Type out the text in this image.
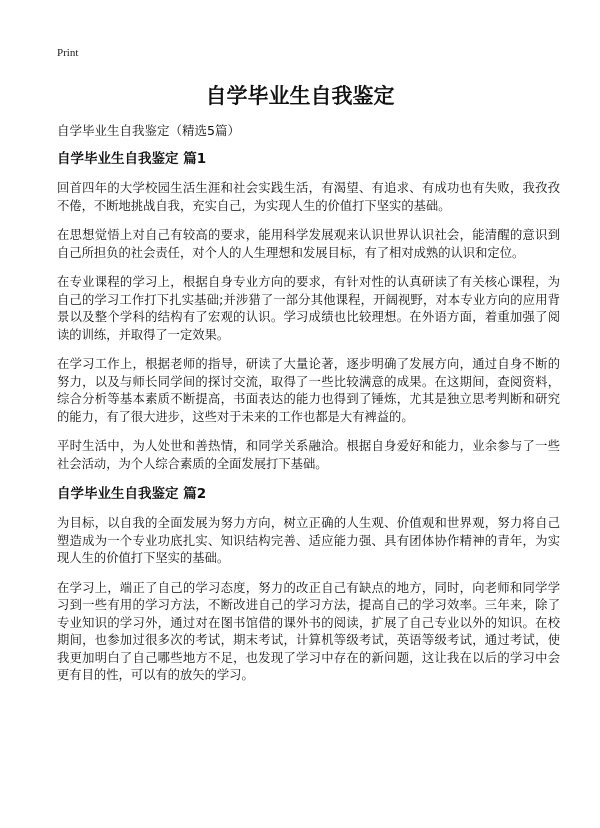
Print
自学毕业生自我鉴定
自学毕业生自我鉴定（精选5篇）
自学毕业生自我鉴定 篇1

回首四年的大学校园生活生涯和社会实践生活，有渴望、有追求、有成功也有失败，我孜孜不倦，不断地挑战自我，充实自己，为实现人生的价值打下坚实的基础。

在思想觉悟上对自己有较高的要求，能用科学发展观来认识世界认识社会，能清醒的意识到自己所担负的社会责任，对个人的人生理想和发展目标，有了相对成熟的认识和定位。

在专业课程的学习上，根据自身专业方向的要求，有针对性的认真研读了有关核心课程，为自己的学习工作打下扎实基础;并涉猎了一部分其他课程，开阔视野，对本专业方向的应用背景以及整个学科的结构有了宏观的认识。学习成绩也比较理想。在外语方面，着重加强了阅读的训练，并取得了一定效果。

在学习工作上，根据老师的指导，研读了大量论著，逐步明确了发展方向，通过自身不断的努力，以及与师长同学间的探讨交流，取得了一些比较满意的成果。在这期间，查阅资料，综合分析等基本素质不断提高，书面表达的能力也得到了锤炼，尤其是独立思考判断和研究的能力，有了很大进步，这些对于未来的工作也都是大有裨益的。

平时生活中，为人处世和善热情，和同学关系融洽。根据自身爱好和能力，业余参与了一些社会活动，为个人综合素质的全面发展打下基础。

自学毕业生自我鉴定 篇2

为目标，以自我的全面发展为努力方向，树立正确的人生观、价值观和世界观，努力将自己塑造成为一个专业功底扎实、知识结构完善、适应能力强、具有团体协作精神的青年，为实现人生的价值打下坚实的基础。

在学习上，端正了自己的学习态度，努力的改正自己有缺点的地方，同时，向老师和同学学习到一些有用的学习方法，不断改进自己的学习方法，提高自己的学习效率。三年来，除了专业知识的学习外，通过对在图书馆借的课外书的阅读，扩展了自己专业以外的知识。在校期间，也参加过很多次的考试，期末考试，计算机等级考试，英语等级考试，通过考试，使我更加明白了自己哪些地方不足，也发现了学习中存在的新问题，这让我在以后的学习中会更有目的性，可以有的放矢的学习。
